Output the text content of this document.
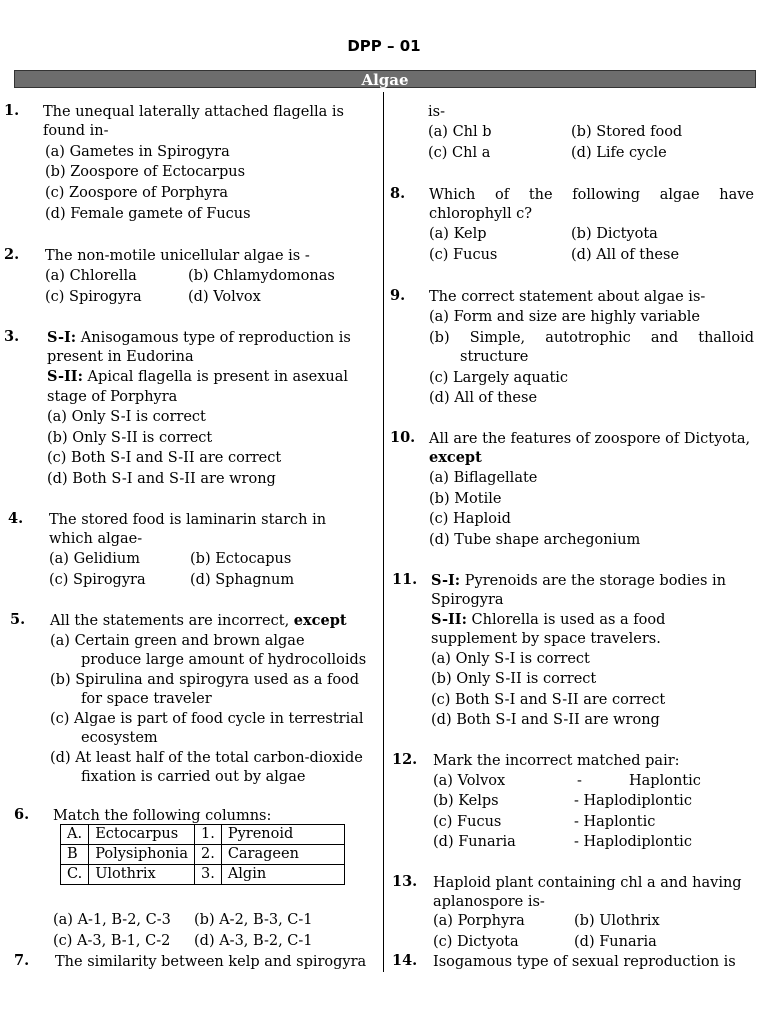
DPP – 01
Algae
1. The unequal laterally attached flagella is
found in-
(a) Gametes in Spirogyra
(b) Zoospore of Ectocarpus
(c) Zoospore of Porphyra
(d) Female gamete of Fucus
2. The non-motile unicellular algae is -
(a) Chlorella	(b) Chlamydomonas
(c) Spirogyra	(d) Volvox
3. S-I: Anisogamous type of reproduction is
present in Eudorina
S-II: Apical flagella is present in asexual
stage of Porphyra
(a) Only S-I is correct
(b) Only S-II is correct
(c) Both S-I and S-II are correct
(d) Both S-I and S-II are wrong
4. The stored food is laminarin starch in
which algae-
(a) Gelidium	(b) Ectocapus
(c) Spirogyra	(d) Sphagnum
5. All the statements are incorrect, except
(a) Certain green and brown algae
produce large amount of hydrocolloids
(b) Spirulina and spirogyra used as a food
for space traveler
(c) Algae is part of food cycle in terrestrial
ecosystem
(d) At least half of the total carbon-dioxide
fixation is carried out by algae
6. Match the following columns:
A.	Ectocarpus	1.	Pyrenoid
B	Polysiphonia	2.	Carageen
C.	Ulothrix	3.	Algin
(a) A-1, B-2, C-3 (b) A-2, B-3, C-1
(c) A-3, B-1, C-2 (d) A-3, B-2, C-1
7. The similarity between kelp and spirogyra
is-
(a) Chl b	(b) Stored food
(c) Chl a	(d) Life cycle
8. Which of the following algae have
chlorophyll c?
(a) Kelp	(b) Dictyota
(c) Fucus	(d) All of these
9. The correct statement about algae is-
(a) Form and size are highly variable
(b) Simple, autotrophic and thalloid
structure
(c) Largely aquatic
(d) All of these
10. All are the features of zoospore of Dictyota,
except
(a) Biflagellate
(b) Motile
(c) Haploid
(d) Tube shape archegonium
11. S-I: Pyrenoids are the storage bodies in
Spirogyra
S-II: Chlorella is used as a food
supplement by space travelers.
(a) Only S-I is correct
(b) Only S-II is correct
(c) Both S-I and S-II are correct
(d) Both S-I and S-II are wrong
12. Mark the incorrect matched pair:
(a) Volvox	-	Haplontic
(b) Kelps	- Haplodiplontic
(c) Fucus	- Haplontic
(d) Funaria	- Haplodiplontic
13. Haploid plant containing chl a and having
aplanospore is-
(a) Porphyra	(b) Ulothrix
(c) Dictyota	(d) Funaria
14. Isogamous type of sexual reproduction is
